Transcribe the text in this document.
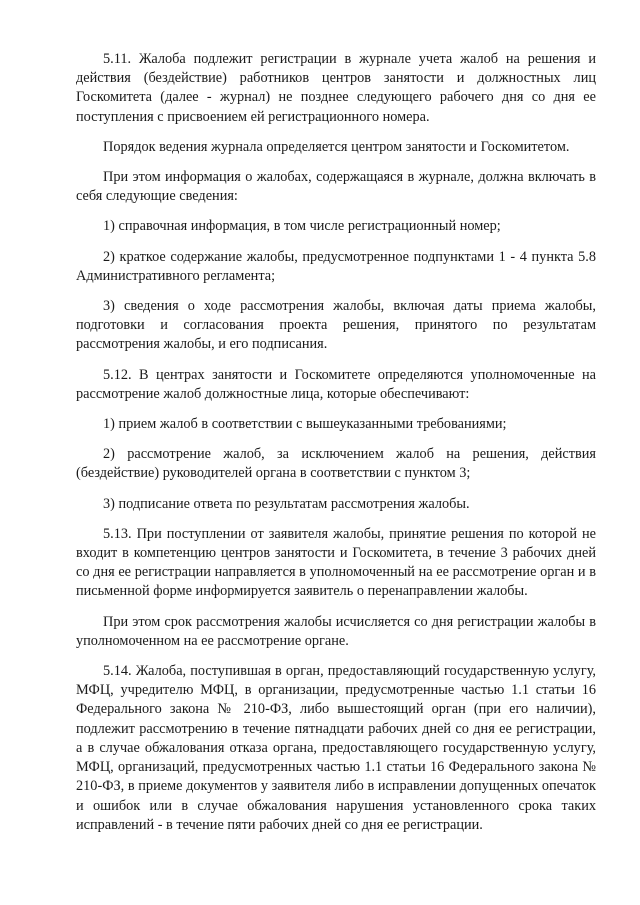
5.11. Жалоба подлежит регистрации в журнале учета жалоб на решения и действия (бездействие) работников центров занятости и должностных лиц Госкомитета (далее - журнал) не позднее следующего рабочего дня со дня ее поступления с присвоением ей регистрационного номера.

Порядок ведения журнала определяется центром занятости и Госкомитетом.

При этом информация о жалобах, содержащаяся в журнале, должна включать в себя следующие сведения:

1) справочная информация, в том числе регистрационный номер;

2) краткое содержание жалобы, предусмотренное подпунктами 1 - 4 пункта 5.8 Административного регламента;

3) сведения о ходе рассмотрения жалобы, включая даты приема жалобы, подготовки и согласования проекта решения, принятого по результатам рассмотрения жалобы, и его подписания.

5.12. В центрах занятости и Госкомитете определяются уполномоченные на рассмотрение жалоб должностные лица, которые обеспечивают:

1) прием жалоб в соответствии с вышеуказанными требованиями;

2) рассмотрение жалоб, за исключением жалоб на решения, действия (бездействие) руководителей органа в соответствии с пунктом 3;

3) подписание ответа по результатам рассмотрения жалобы.

5.13. При поступлении от заявителя жалобы, принятие решения по которой не входит в компетенцию центров занятости и Госкомитета, в течение 3 рабочих дней со дня ее регистрации направляется в уполномоченный на ее рассмотрение орган и в письменной форме информируется заявитель о перенаправлении жалобы.

При этом срок рассмотрения жалобы исчисляется со дня регистрации жалобы в уполномоченном на ее рассмотрение органе.

5.14. Жалоба, поступившая в орган, предоставляющий государственную услугу, МФЦ, учредителю МФЦ, в организации, предусмотренные частью 1.1 статьи 16 Федерального закона № 210-ФЗ, либо вышестоящий орган (при его наличии), подлежит рассмотрению в течение пятнадцати рабочих дней со дня ее регистрации, а в случае обжалования отказа органа, предоставляющего государственную услугу, МФЦ, организаций, предусмотренных частью 1.1 статьи 16 Федерального закона № 210-ФЗ, в приеме документов у заявителя либо в исправлении допущенных опечаток и ошибок или в случае обжалования нарушения установленного срока таких исправлений - в течение пяти рабочих дней со дня ее регистрации.
